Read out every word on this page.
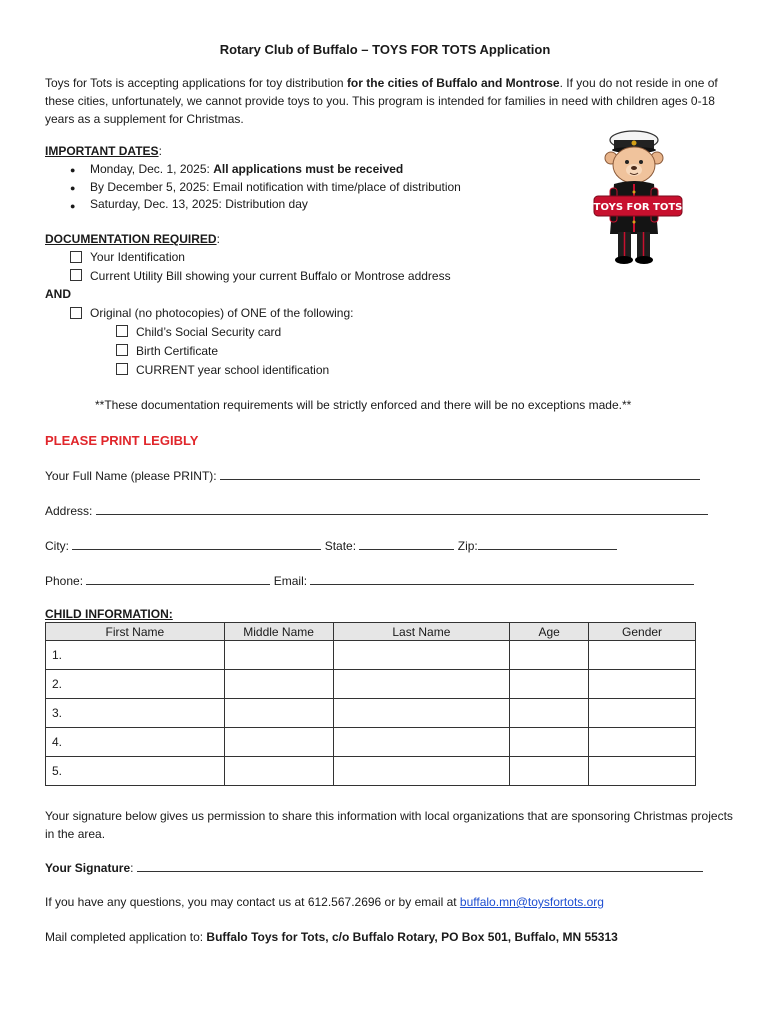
Rotary Club of Buffalo – TOYS FOR TOTS Application
Toys for Tots is accepting applications for toy distribution for the cities of Buffalo and Montrose. If you do not reside in one of these cities, unfortunately, we cannot provide toys to you. This program is intended for families in need with children ages 0-18 years as a supplement for Christmas.
IMPORTANT DATES:
● Monday, Dec. 1, 2025: All applications must be received
● By December 5, 2025: Email notification with time/place of distribution
● Saturday, Dec. 13, 2025: Distribution day
DOCUMENTATION REQUIRED:
Your Identification
Current Utility Bill showing your current Buffalo or Montrose address
AND
Original (no photocopies) of ONE of the following:
Child’s Social Security card
Birth Certificate
CURRENT year school identification
**These documentation requirements will be strictly enforced and there will be no exceptions made.**
PLEASE PRINT LEGIBLY
Your Full Name (please PRINT):
Address:
City:	State:	Zip:
Phone:	Email:
CHILD INFORMATION:
First Name	Middle Name	Last Name	Age	Gender
1.				
2.				
3.				
4.				
5.				
Your signature below gives us permission to share this information with local organizations that are sponsoring Christmas projects in the area.
Your Signature:
If you have any questions, you may contact us at 612.567.2696 or by email at buffalo.mn@toysfortots.org
Mail completed application to: Buffalo Toys for Tots, c/o Buffalo Rotary, PO Box 501, Buffalo, MN 55313
TOYS FOR TOTS
